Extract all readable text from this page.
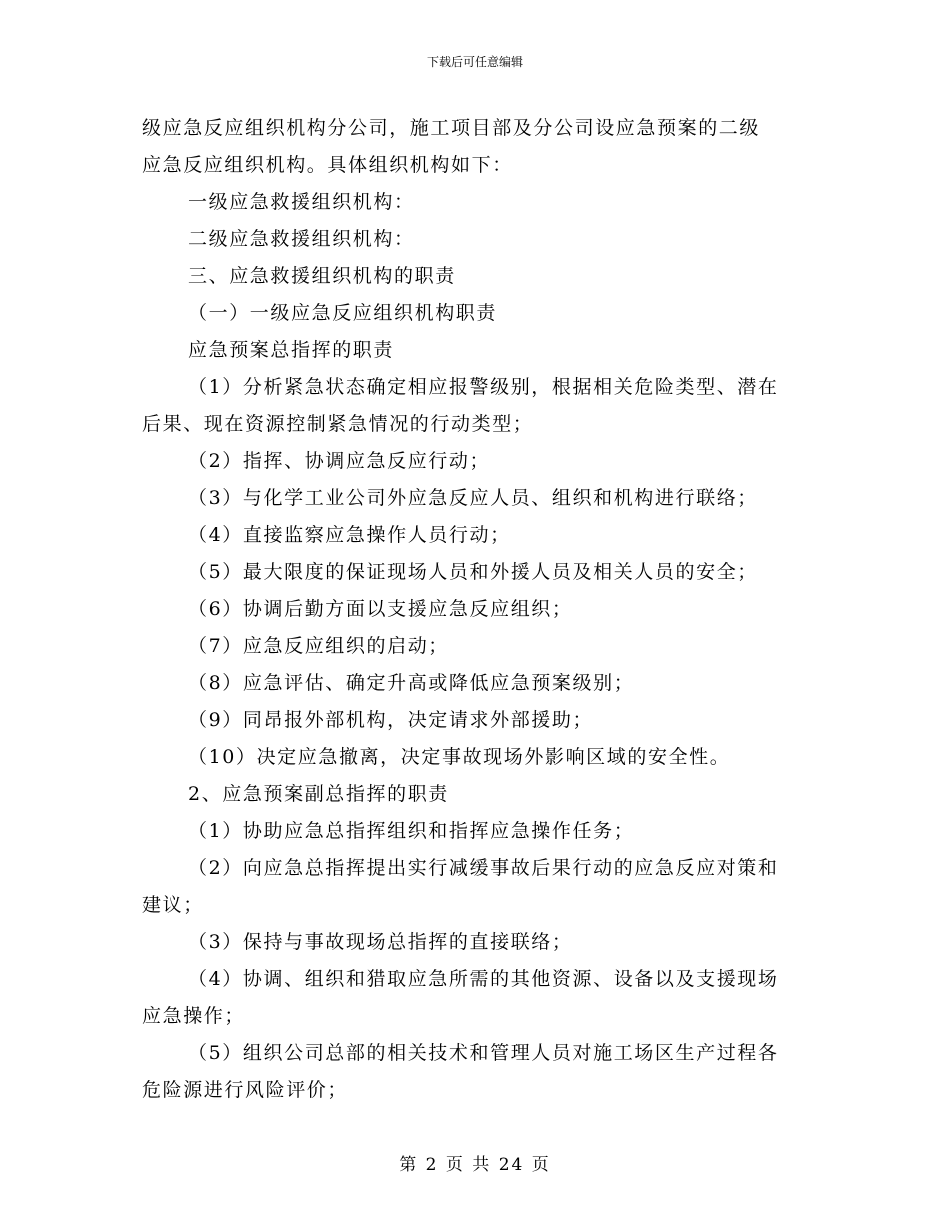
下载后可任意编辑
级应急反应组织机构分公司，施工项目部及分公司设应急预案的二级
应急反应组织机构。具体组织机构如下：
一级应急救援组织机构：
二级应急救援组织机构：
三、应急救援组织机构的职责
（一）一级应急反应组织机构职责
应急预案总指挥的职责
（1）分析紧急状态确定相应报警级别，根据相关危险类型、潜在
后果、现在资源控制紧急情况的行动类型；
（2）指挥、协调应急反应行动；
（3）与化学工业公司外应急反应人员、组织和机构进行联络；
（4）直接监察应急操作人员行动；
（5）最大限度的保证现场人员和外援人员及相关人员的安全；
（6）协调后勤方面以支援应急反应组织；
（7）应急反应组织的启动；
（8）应急评估、确定升高或降低应急预案级别；
（9）同昂报外部机构，决定请求外部援助；
（10）决定应急撤离，决定事故现场外影响区域的安全性。
2、应急预案副总指挥的职责
（1）协助应急总指挥组织和指挥应急操作任务；
（2）向应急总指挥提出实行减缓事故后果行动的应急反应对策和
建议；
（3）保持与事故现场总指挥的直接联络；
（4）协调、组织和猎取应急所需的其他资源、设备以及支援现场
应急操作；
（5）组织公司总部的相关技术和管理人员对施工场区生产过程各
危险源进行风险评价；
第 2 页 共 24 页
